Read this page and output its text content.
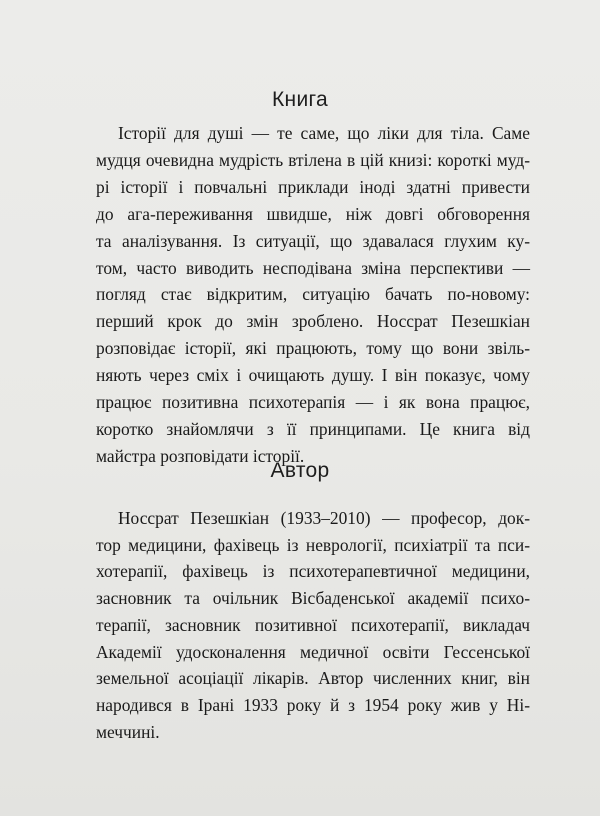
Книга

Історії для душі — те саме, що ліки для тіла. Саме
мудця очевидна мудрість втілена в цій книзі: короткі муд-
рі історії і повчальні приклади іноді здатні привести
до ага-переживання швидше, ніж довгі обговорення
та аналізування. Із ситуації, що здавалася глухим ку-
том, часто виводить несподівана зміна перспективи —
погляд стає відкритим, ситуацію бачать по-новому:
перший крок до змін зроблено. Носсрат Пезешкіан
розповідає історії, які працюють, тому що вони звіль-
няють через сміх і очищають душу. І він показує, чому
працює позитивна психотерапія — і як вона працює,
коротко знайомлячи з її принципами. Це книга від
майстра розповідати історії.

Автор

Носсрат Пезешкіан (1933–2010) — професор, док-
тор медицини, фахівець із неврології, психіатрії та пси-
хотерапії, фахівець із психотерапевтичної медицини,
засновник та очільник Вісбаденської академії психо-
терапії, засновник позитивної психотерапії, викладач
Академії удосконалення медичної освіти Гессенської
земельної асоціації лікарів. Автор численних книг, він
народився в Ірані 1933 року й з 1954 року жив у Ні-
меччині.
